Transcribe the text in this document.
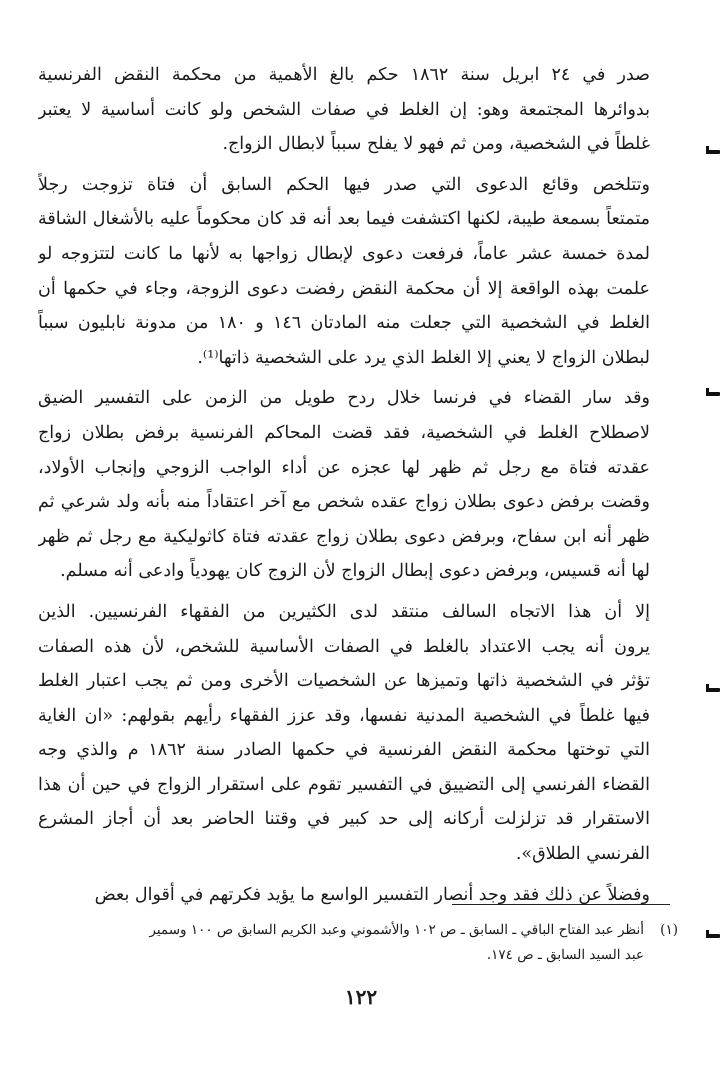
صدر في ٢٤ ابريل سنة ١٨٦٢ حكم بالغ الأهمية من محكمة النقض الفرنسية
بدوائرها المجتمعة وهو: إن الغلط في صفات الشخص ولو كانت أساسية لا يعتبر
غلطاً في الشخصية، ومن ثم فهو لا يفلح سبباً لابطال الزواج.

وتتلخص وقائع الدعوى التي صدر فيها الحكم السابق أن فتاة تزوجت رجلاً
متمتعاً بسمعة طيبة، لكنها اكتشفت فيما بعد أنه قد كان محكوماً عليه بالأشغال الشاقة
لمدة خمسة عشر عاماً، فرفعت دعوى لإبطال زواجها به لأنها ما كانت لتتزوجه لو
علمت بهذه الواقعة إلا أن محكمة النقض رفضت دعوى الزوجة، وجاء في حكمها أن
الغلط في الشخصية التي جعلت منه المادتان ١٤٦ و ١٨٠ من مدونة نابليون سبباً
لبطلان الزواج لا يعني إلا الغلط الذي يرد على الشخصية ذاتها⁽¹⁾.

وقد سار القضاء في فرنسا خلال ردح طويل من الزمن على التفسير الضيق
لاصطلاح الغلط في الشخصية، فقد قضت المحاكم الفرنسية برفض بطلان زواج
عقدته فتاة مع رجل ثم ظهر لها عجزه عن أداء الواجب الزوجي وإنجاب الأولاد،
وقضت برفض دعوى بطلان زواج عقده شخص مع آخر اعتقاداً منه بأنه ولد شرعي ثم
ظهر أنه ابن سفاح، وبرفض دعوى بطلان زواج عقدته فتاة كاثوليكية مع رجل ثم ظهر
لها أنه قسيس، وبرفض دعوى إبطال الزواج لأن الزوج كان يهودياً وادعى أنه مسلم.

إلا أن هذا الاتجاه السالف منتقد لدى الكثيرين من الفقهاء الفرنسيين. الذين
يرون أنه يجب الاعتداد بالغلط في الصفات الأساسية للشخص، لأن هذه الصفات
تؤثر في الشخصية ذاتها وتميزها عن الشخصيات الأخرى ومن ثم يجب اعتبار الغلط
فيها غلطاً في الشخصية المدنية نفسها، وقد عزز الفقهاء رأيهم بقولهم: «ان الغاية
التي توختها محكمة النقض الفرنسية في حكمها الصادر سنة ١٨٦٢ م والذي وجه
القضاء الفرنسي إلى التضييق في التفسير تقوم على استقرار الزواج في حين أن هذا
الاستقرار قد تزلزلت أركانه إلى حد كبير في وقتنا الحاضر بعد أن أجاز المشرع
الفرنسي الطلاق».

وفضلاً عن ذلك فقد وجد أنصار التفسير الواسع ما يؤيد فكرتهم في أقوال بعض

(١)أنظر عبد الفتاح الباقي ـ السابق ـ ص ١٠٢ والأشموني وعبد الكريم السابق ص ١٠٠ وسمير
عبد السيد السابق ـ ص ١٧٤.
١٢٢
